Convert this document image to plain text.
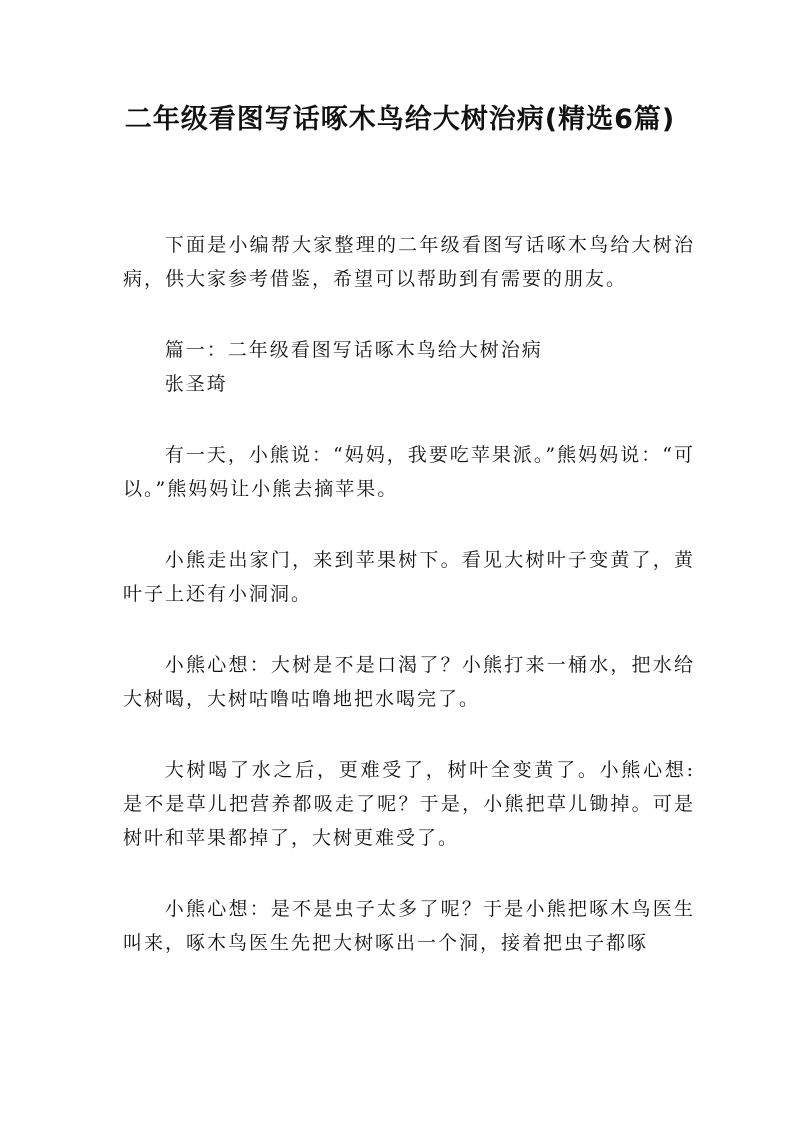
二年级看图写话啄木鸟给大树治病(精选6篇)

下面是小编帮大家整理的二年级看图写话啄木鸟给大树治病，供大家参考借鉴，希望可以帮助到有需要的朋友。

篇一：二年级看图写话啄木鸟给大树治病

张圣琦

有一天，小熊说：“妈妈，我要吃苹果派。”熊妈妈说：“可以。”熊妈妈让小熊去摘苹果。

小熊走出家门，来到苹果树下。看见大树叶子变黄了，黄叶子上还有小洞洞。

小熊心想：大树是不是口渴了？小熊打来一桶水，把水给大树喝，大树咕噜咕噜地把水喝完了。

大树喝了水之后，更难受了，树叶全变黄了。小熊心想:是不是草儿把营养都吸走了呢？于是，小熊把草儿锄掉。可是树叶和苹果都掉了，大树更难受了。

小熊心想：是不是虫子太多了呢？于是小熊把啄木鸟医生叫来，啄木鸟医生先把大树啄出一个洞，接着把虫子都啄
